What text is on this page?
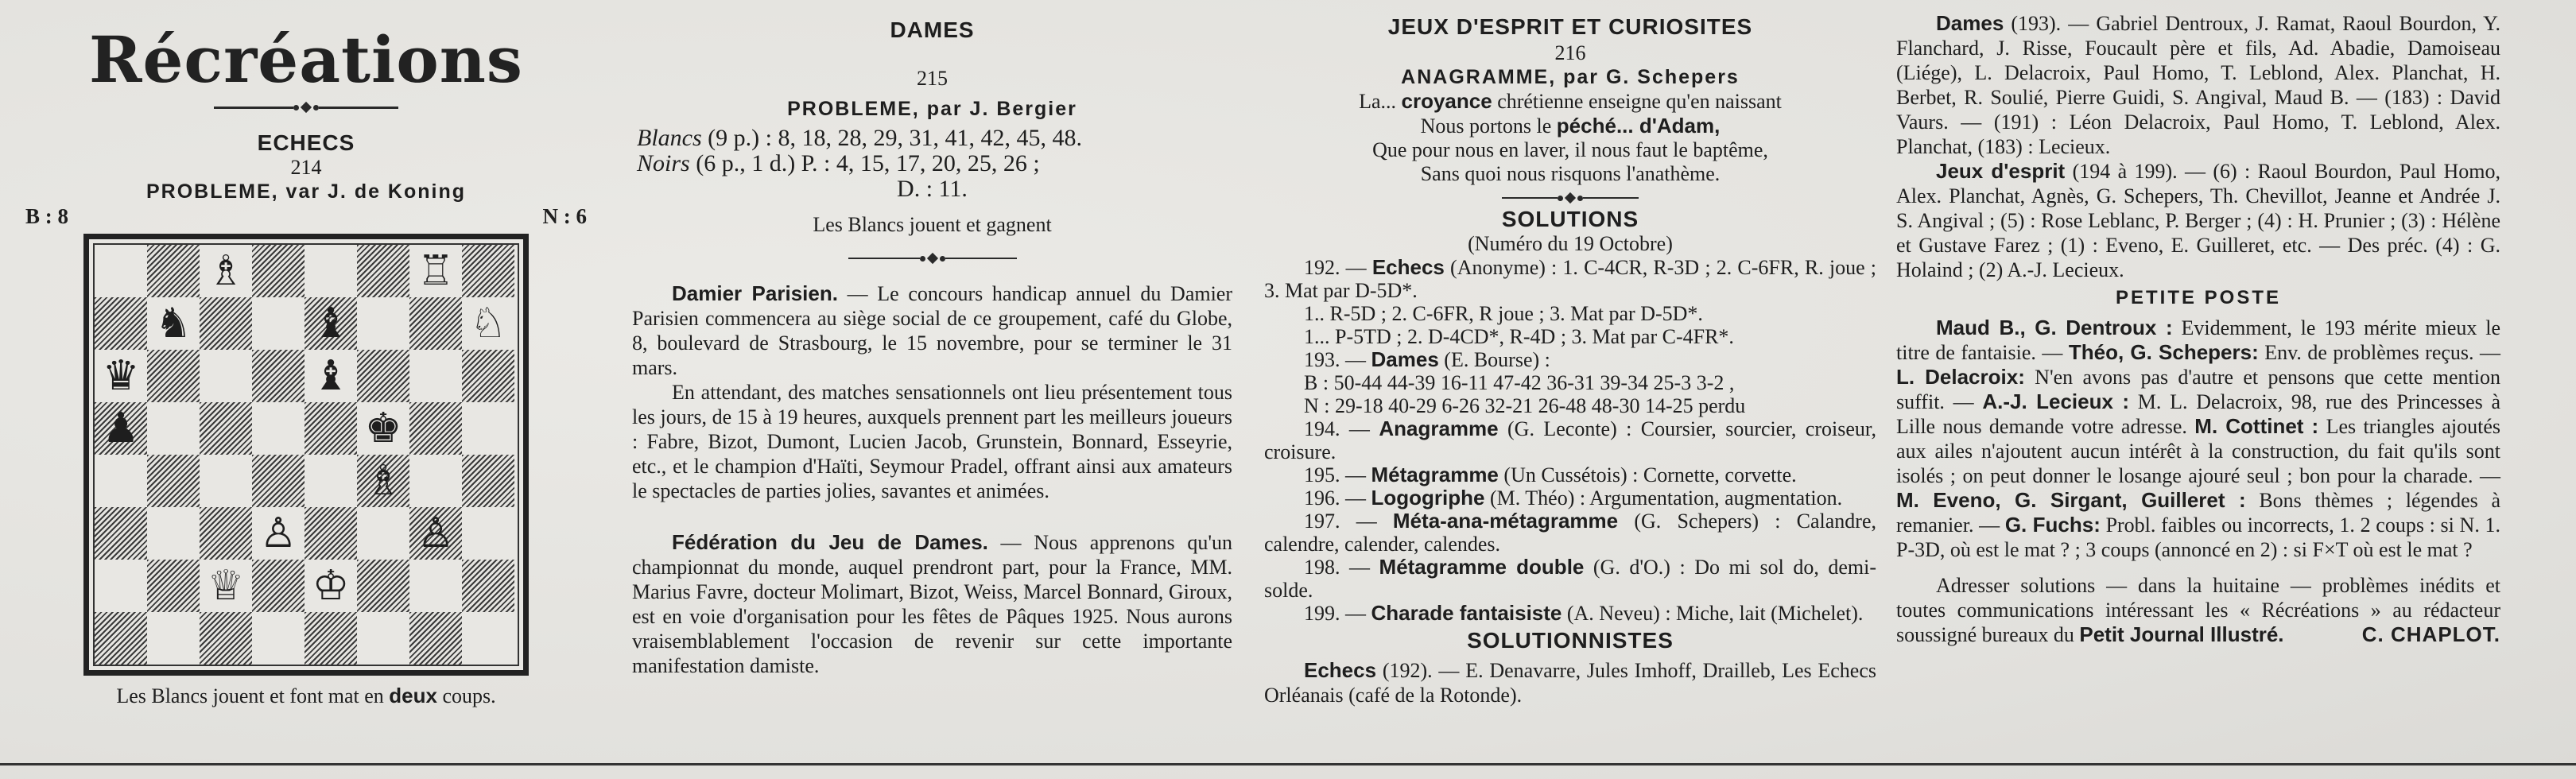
Récréations
ECHECS
214
PROBLEME, var J. de Koning
B : 8	N : 6
♗	♖
♞	♝	♘
♛	♝
♟	♚
♗
♙	♙
♕ ♔
Les Blancs jouent et font mat en deux coups.
DAMES
215
PROBLEME, par J. Bergier
Blancs (9 p.) : 8, 18, 28, 29, 31, 41, 42, 45, 48.
Noirs (6 p., 1 d.) P. : 4, 15, 17, 20, 25, 26 ;
D. : 11.
Les Blancs jouent et gagnent

Damier Parisien. — Le concours handicap annuel du Damier Parisien commencera au siège social de ce groupement, café du Globe, 8, boulevard de Strasbourg, le 15 novembre, pour se terminer le 31 mars.

En attendant, des matches sensationnels ont lieu présentement tous les jours, de 15 à 19 heures, auxquels prennent part les meilleurs joueurs : Fabre, Bizot, Dumont, Lucien Jacob, Grunstein, Bonnard, Esseyrie, etc., et le champion d'Haïti, Seymour Pradel, offrant ainsi aux amateurs le spectacles de parties jolies, savantes et animées.

Fédération du Jeu de Dames. — Nous apprenons qu'un championnat du monde, auquel prendront part, pour la France, MM. Marius Favre, docteur Molimart, Bizot, Weiss, Marcel Bonnard, Giroux, est en voie d'organisation pour les fêtes de Pâques 1925. Nous aurons vraisemblablement l'occasion de revenir sur cette importante manifestation damiste.

JEUX D'ESPRIT ET CURIOSITES
216
ANAGRAMME, par G. Schepers
La... croyance chrétienne enseigne qu'en naissant
Nous portons le péché... d'Adam,
Que pour nous en laver, il nous faut le baptême,
Sans quoi nous risquons l'anathème.
SOLUTIONS
(Numéro du 19 Octobre)

192. — Echecs (Anonyme) : 1. C-4CR, R-3D ; 2. C-6FR, R. joue ; 3. Mat par D-5D*.

1.. R-5D ; 2. C-6FR, R joue ; 3. Mat par D-5D*.

1... P-5TD ; 2. D-4CD*, R-4D ; 3. Mat par C-4FR*.

193. — Dames (E. Bourse) :

B : 50-44 44-39 16-11 47-42 36-31 39-34 25-3 3-2 ,

N : 29-18 40-29 6-26 32-21 26-48 48-30 14-25 perdu

194. — Anagramme (G. Leconte) : Coursier, sourcier, croiseur, croisure.

195. — Métagramme (Un Cussétois) : Cornette, corvette.

196. — Logogriphe (M. Théo) : Argumentation, augmentation.

197. — Méta-ana-métagramme (G. Schepers) : Calandre, calendre, calender, calendes.

198. — Métagramme double (G. d'O.) : Do mi sol do, demi-solde.

199. — Charade fantaisiste (A. Neveu) : Miche, lait (Michelet).

SOLUTIONNISTES

Echecs (192). — E. Denavarre, Jules Imhoff, Drailleb, Les Echecs Orléanais (café de la Rotonde).

Dames (193). — Gabriel Dentroux, J. Ramat, Raoul Bourdon, Y. Flanchard, J. Risse, Foucault père et fils, Ad. Abadie, Damoiseau (Liége), L. Delacroix, Paul Homo, T. Leblond, Alex. Planchat, H. Berbet, R. Soulié, Pierre Guidi, S. Angival, Maud B. — (183) : David Vaurs. — (191) : Léon Delacroix, Paul Homo, T. Leblond, Alex. Planchat, (183) : Lecieux.

Jeux d'esprit (194 à 199). — (6) : Raoul Bourdon, Paul Homo, Alex. Planchat, Agnès, G. Schepers, Th. Chevillot, Jeanne et Andrée J. S. Angival ; (5) : Rose Leblanc, P. Berger ; (4) : H. Prunier ; (3) : Hélène et Gustave Farez ; (1) : Eveno, E. Guilleret, etc. — Des préc. (4) : G. Holaind ; (2) A.-J. Lecieux.

PETITE POSTE

Maud B., G. Dentroux : Evidemment, le 193 mérite mieux le titre de fantaisie. — Théo, G. Schepers: Env. de problèmes reçus. — L. Delacroix: N'en avons pas d'autre et pensons que cette mention suffit. — A.-J. Lecieux : M. L. Delacroix, 98, rue des Princesses à Lille nous demande votre adresse. M. Cottinet : Les triangles ajoutés aux ailes n'ajoutent aucun intérêt à la construction, du fait qu'ils sont isolés ; on peut donner le losange ajouré seul ; bon pour la charade. — M. Eveno, G. Sirgant, Guilleret : Bons thèmes ; légendes à remanier. — G. Fuchs: Probl. faibles ou incorrects, 1. 2 coups : si N. 1. P-3D, où est le mat ? ; 3 coups (annoncé en 2) : si F×T où est le mat ?

Adresser solutions — dans la huitaine — problèmes inédits et toutes communications intéressant les « Récréations » au rédacteur soussigné bureaux du Petit Journal Illustré.	C. CHAPLOT.
